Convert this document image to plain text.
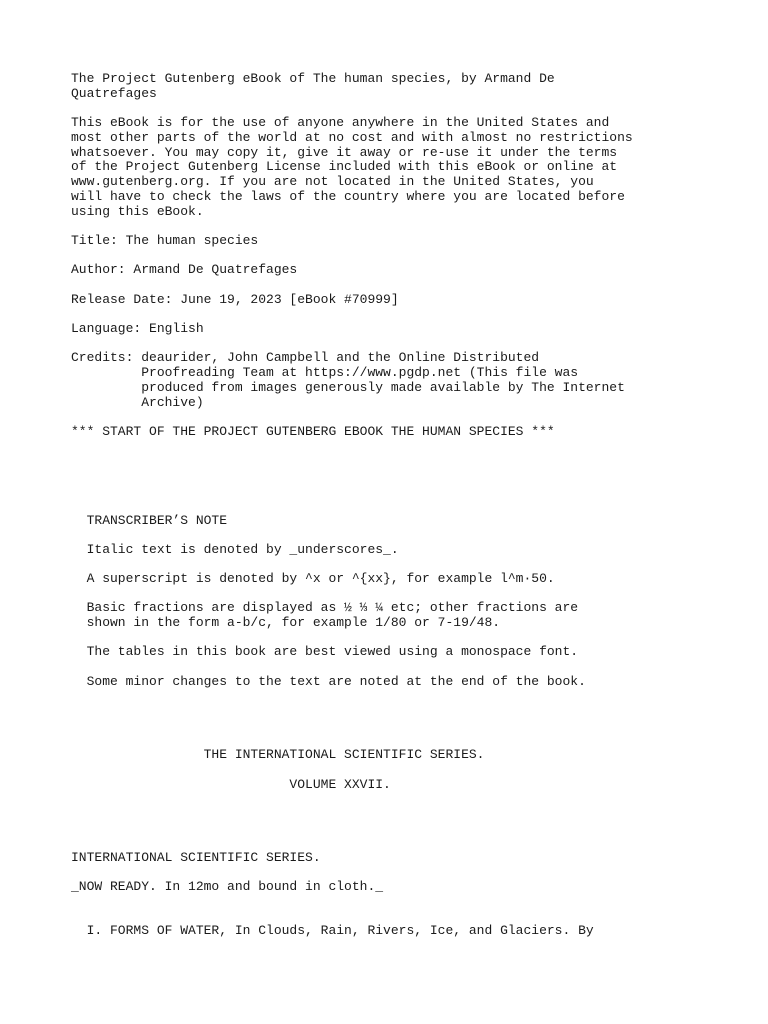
The Project Gutenberg eBook of The human species, by Armand De

Quatrefages

This eBook is for the use of anyone anywhere in the United States and

most other parts of the world at no cost and with almost no restrictions

whatsoever. You may copy it, give it away or re-use it under the terms

of the Project Gutenberg License included with this eBook or online at

www.gutenberg.org. If you are not located in the United States, you

will have to check the laws of the country where you are located before

using this eBook.

Title: The human species

Author: Armand De Quatrefages

Release Date: June 19, 2023 [eBook #70999]

Language: English

Credits: deaurider, John Campbell and the Online Distributed

Proofreading Team at https://www.pgdp.net (This file was

produced from images generously made available by The Internet

Archive)

*** START OF THE PROJECT GUTENBERG EBOOK THE HUMAN SPECIES ***

TRANSCRIBER’S NOTE

Italic text is denoted by _underscores_.

A superscript is denoted by ^x or ^{xx}, for example l^m·50.

Basic fractions are displayed as ½ ⅓ ¼ etc; other fractions are

shown in the form a-b/c, for example 1/80 or 7-19/48.

The tables in this book are best viewed using a monospace font.

Some minor changes to the text are noted at the end of the book.

THE INTERNATIONAL SCIENTIFIC SERIES.

VOLUME XXVII.

INTERNATIONAL SCIENTIFIC SERIES.

_NOW READY. In 12mo and bound in cloth._

I. FORMS OF WATER, In Clouds, Rain, Rivers, Ice, and Glaciers. By
